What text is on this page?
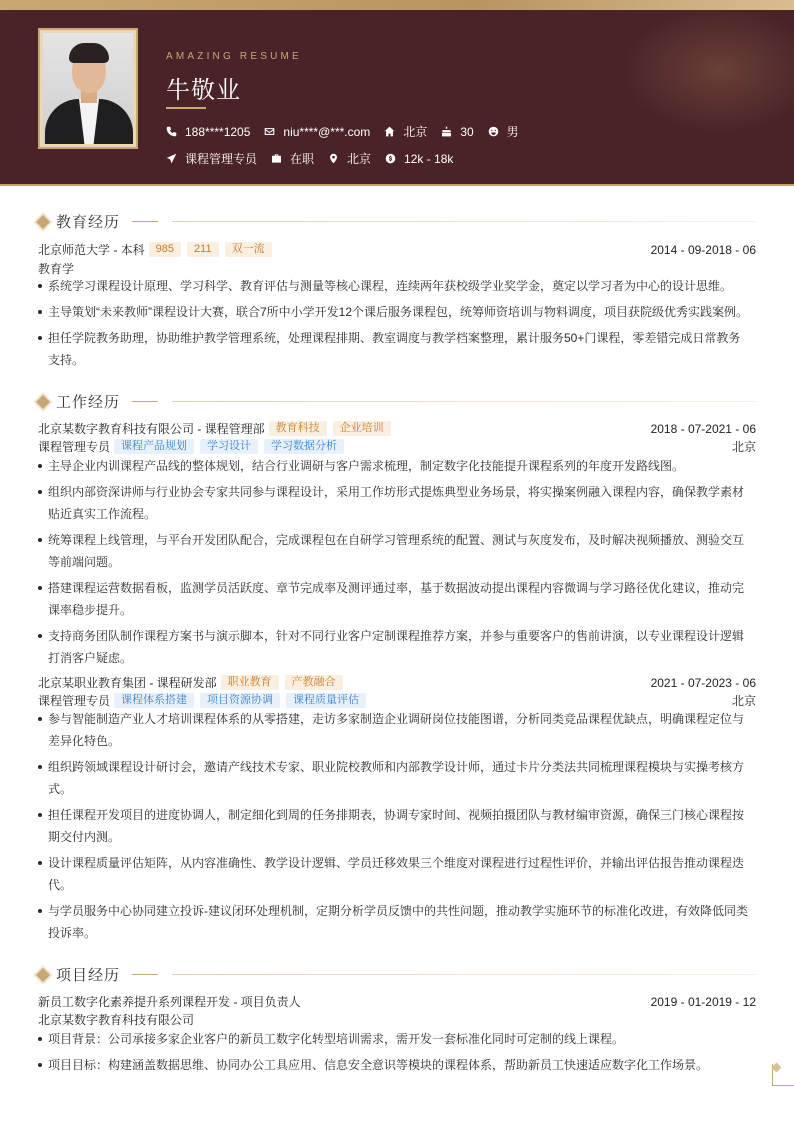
AMAZING RESUME
牛敬业
188****1205	niu****@***.com	北京	30	男
课程管理专员	在职	北京	12k - 18k
教育经历
北京师范大学 - 本科	985	211	双一流	2014 - 09-2018 - 06
教育学
系统学习课程设计原理、学习科学、教育评估与测量等核心课程，连续两年获校级学业奖学金，奠定以学习者为中心的设计思维。
主导策划“未来教师”课程设计大赛，联合7所中小学开发12个课后服务课程包，统筹师资培训与物料调度，项目获院级优秀实践案例。
担任学院教务助理，协助维护教学管理系统，处理课程排期、教室调度与教学档案整理，累计服务50+门课程，零差错完成日常教务支持。
工作经历
北京某数字教育科技有限公司 - 课程管理部	教育科技	企业培训	2018 - 07-2021 - 06
课程管理专员	课程产品规划	学习设计	学习数据分析	北京
主导企业内训课程产品线的整体规划，结合行业调研与客户需求梳理，制定数字化技能提升课程系列的年度开发路线图。
组织内部资深讲师与行业协会专家共同参与课程设计，采用工作坊形式提炼典型业务场景，将实操案例融入课程内容，确保教学素材贴近真实工作流程。
统筹课程上线管理，与平台开发团队配合，完成课程包在自研学习管理系统的配置、测试与灰度发布，及时解决视频播放、测验交互等前端问题。
搭建课程运营数据看板，监测学员活跃度、章节完成率及测评通过率，基于数据波动提出课程内容微调与学习路径优化建议，推动完课率稳步提升。
支持商务团队制作课程方案书与演示脚本，针对不同行业客户定制课程推荐方案，并参与重要客户的售前讲演，以专业课程设计逻辑打消客户疑虑。
北京某职业教育集团 - 课程研发部	职业教育	产教融合	2021 - 07-2023 - 06
课程管理专员	课程体系搭建	项目资源协调	课程质量评估	北京
参与智能制造产业人才培训课程体系的从零搭建，走访多家制造企业调研岗位技能图谱，分析同类竞品课程优缺点，明确课程定位与差异化特色。
组织跨领域课程设计研讨会，邀请产线技术专家、职业院校教师和内部教学设计师，通过卡片分类法共同梳理课程模块与实操考核方式。
担任课程开发项目的进度协调人，制定细化到周的任务排期表，协调专家时间、视频拍摄团队与教材编审资源，确保三门核心课程按期交付内测。
设计课程质量评估矩阵，从内容准确性、教学设计逻辑、学员迁移效果三个维度对课程进行过程性评价，并输出评估报告推动课程迭代。
与学员服务中心协同建立投诉-建议闭环处理机制，定期分析学员反馈中的共性问题，推动教学实施环节的标准化改进，有效降低同类投诉率。
项目经历
新员工数字化素养提升系列课程开发 - 项目负责人	2019 - 01-2019 - 12
北京某数字教育科技有限公司
项目背景：公司承接多家企业客户的新员工数字化转型培训需求，需开发一套标准化同时可定制的线上课程。
项目目标：构建涵盖数据思维、协同办公工具应用、信息安全意识等模块的课程体系，帮助新员工快速适应数字化工作场景。
